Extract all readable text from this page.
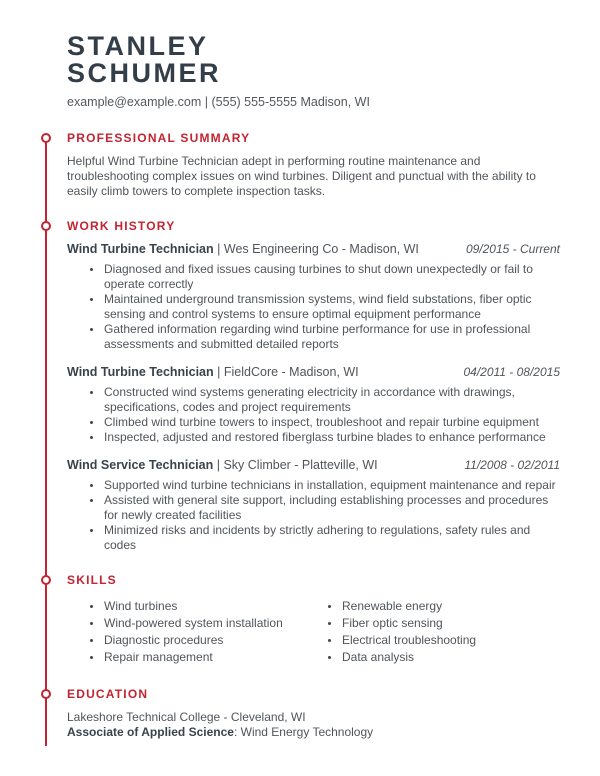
STANLEY
SCHUMER
example@example.com | (555) 555-5555 Madison, WI
PROFESSIONAL SUMMARY

Helpful Wind Turbine Technician adept in performing routine maintenance and troubleshooting complex issues on wind turbines. Diligent and punctual with the ability to easily climb towers to complete inspection tasks.

WORK HISTORY
Wind Turbine Technician | Wes Engineering Co - Madison, WI	09/2015 - Current
• Diagnosed and fixed issues causing turbines to shut down unexpectedly or fail to operate correctly
• Maintained underground transmission systems, wind field substations, fiber optic sensing and control systems to ensure optimal equipment performance
• Gathered information regarding wind turbine performance for use in professional assessments and submitted detailed reports
Wind Turbine Technician | FieldCore - Madison, WI	04/2011 - 08/2015
• Constructed wind systems generating electricity in accordance with drawings, specifications, codes and project requirements
• Climbed wind turbine towers to inspect, troubleshoot and repair turbine equipment
• Inspected, adjusted and restored fiberglass turbine blades to enhance performance
Wind Service Technician | Sky Climber - Platteville, WI	11/2008 - 02/2011
• Supported wind turbine technicians in installation, equipment maintenance and repair
• Assisted with general site support, including establishing processes and procedures for newly created facilities
• Minimized risks and incidents by strictly adhering to regulations, safety rules and codes
SKILLS
• Wind turbines
• Wind-powered system installation
• Diagnostic procedures
• Repair management
• Renewable energy
• Fiber optic sensing
• Electrical troubleshooting
• Data analysis
EDUCATION

Lakeshore Technical College - Cleveland, WI

Associate of Applied Science: Wind Energy Technology
